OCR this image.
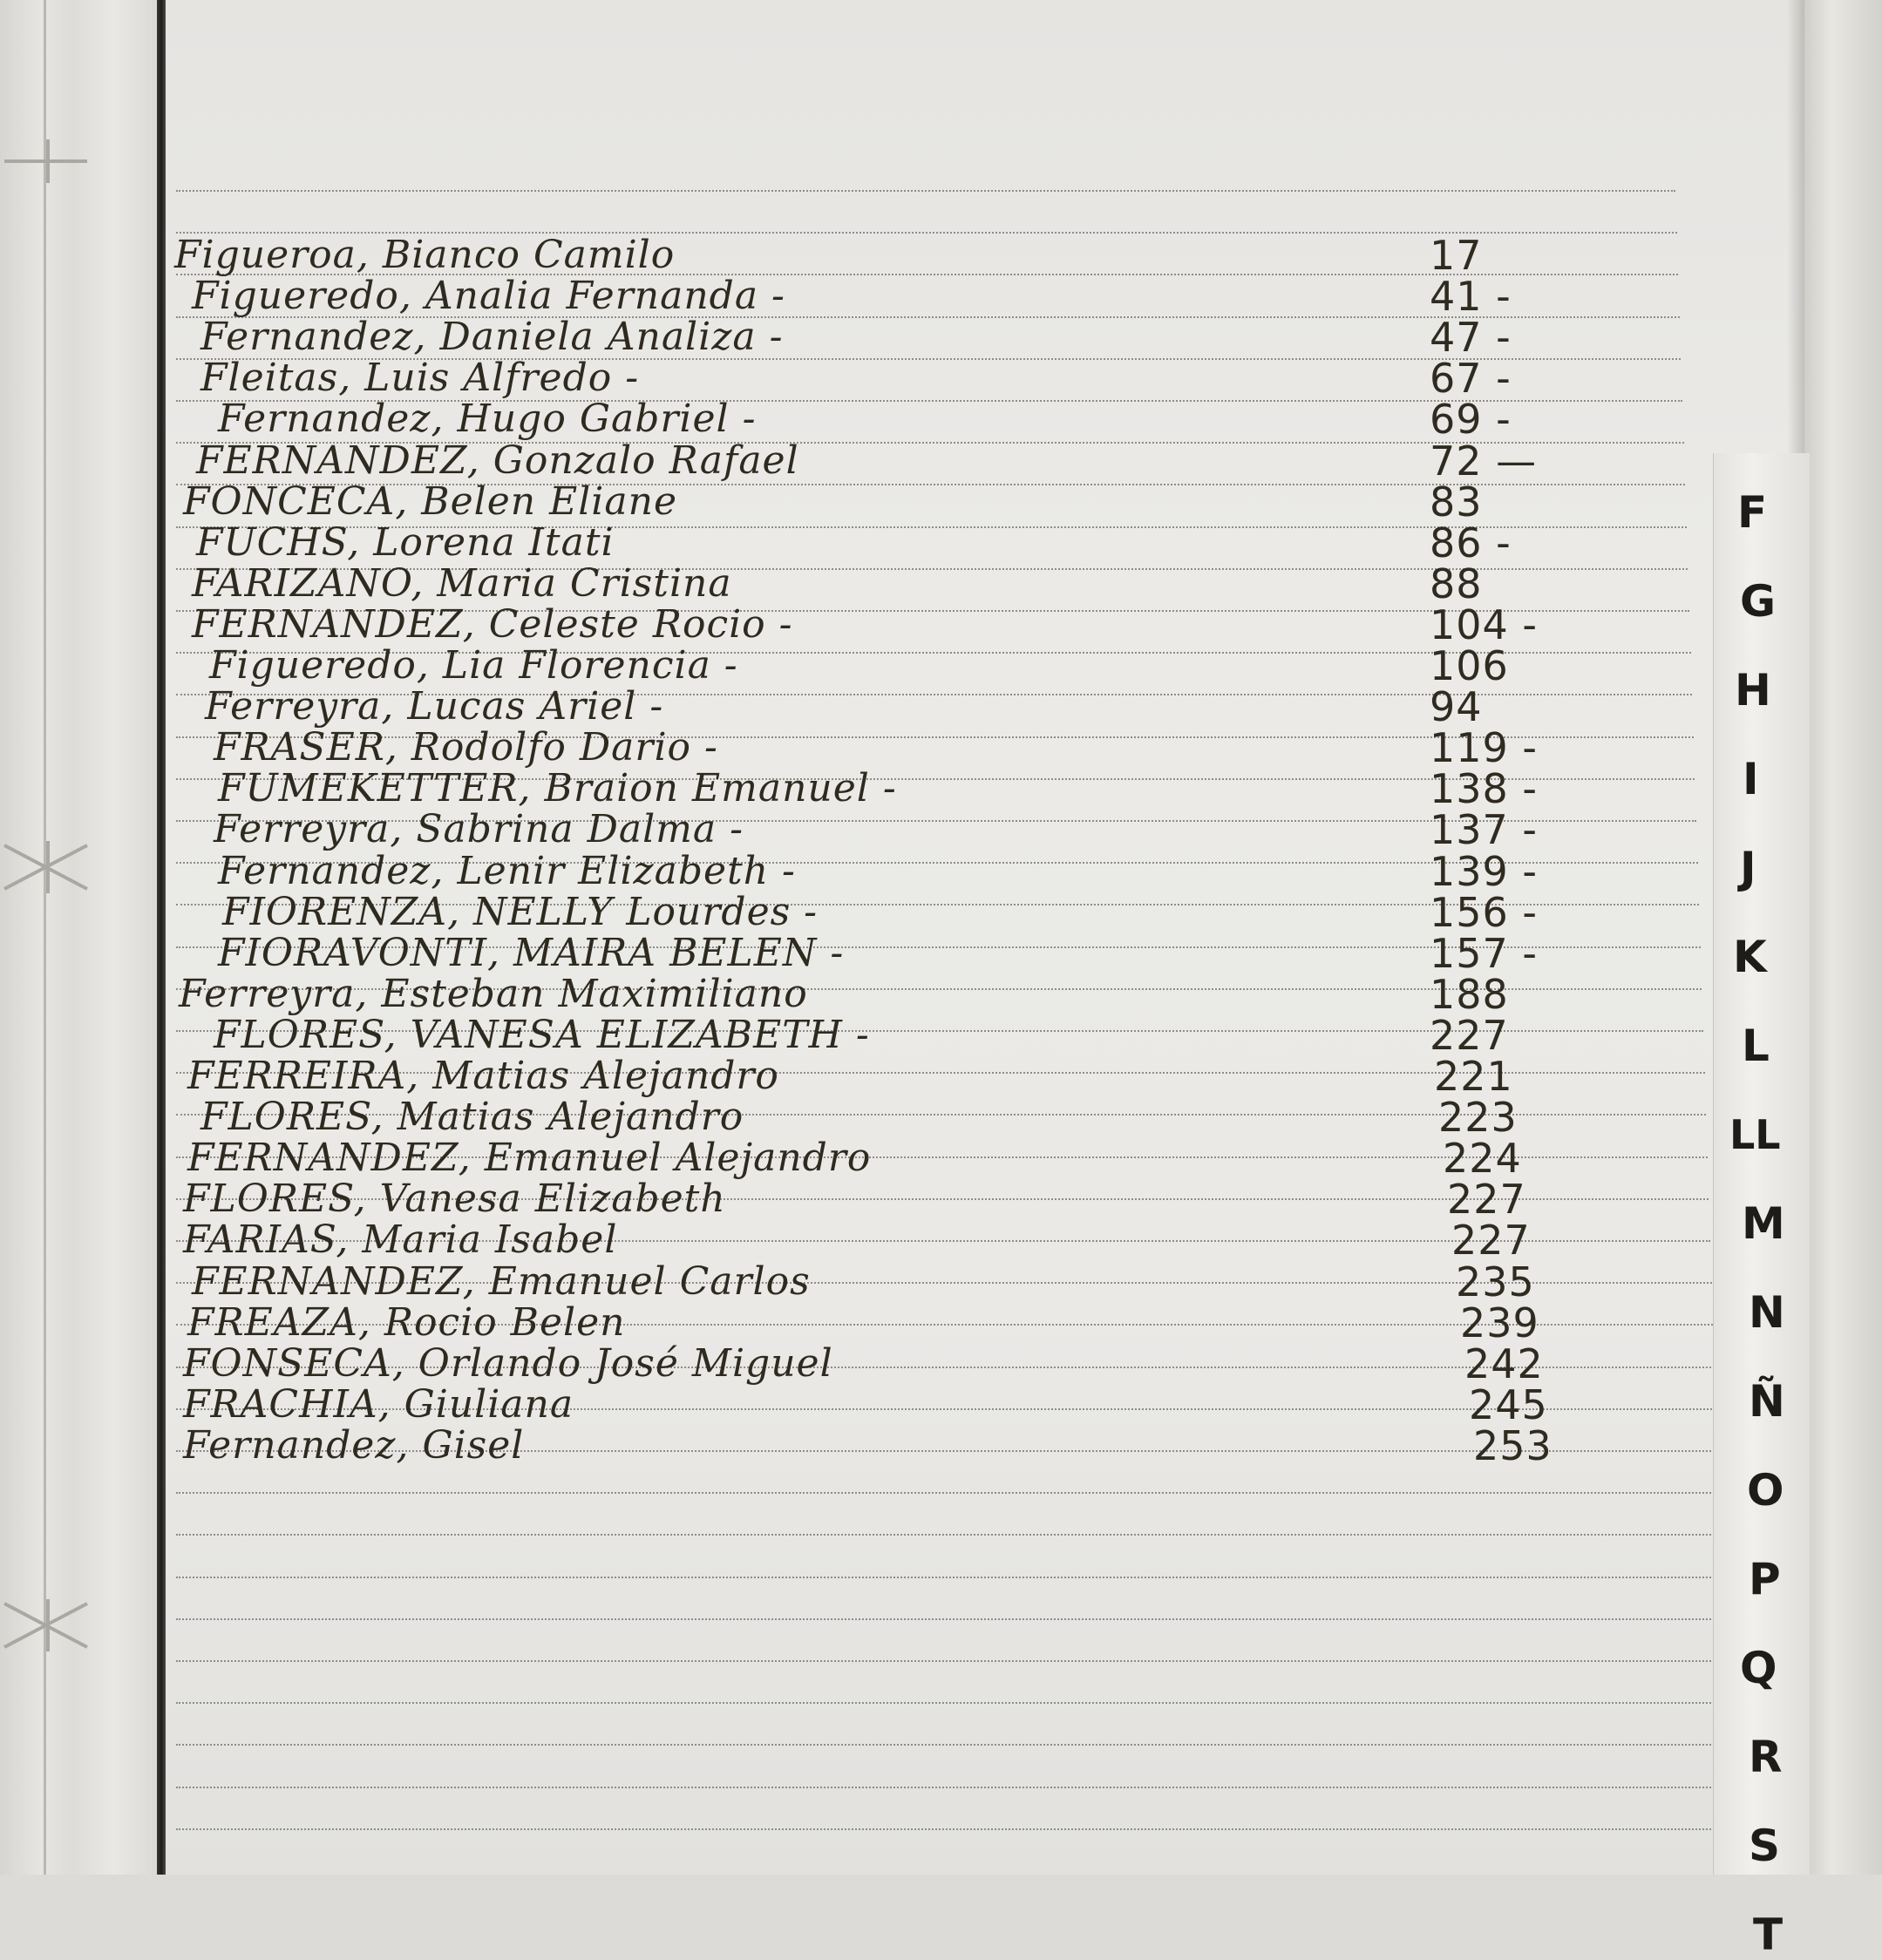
Figueroa, Bianco Camilo	17
Figueredo, Analia Fernanda -	41 -
Fernandez, Daniela Analiza -	47 -
Fleitas, Luis Alfredo -	67 -
Fernandez, Hugo Gabriel -	69 -
FERNANDEZ, Gonzalo Rafael	72 —
FONCECA, Belen Eliane	83
FUCHS, Lorena Itati	86 -
FARIZANO, Maria Cristina	88
FERNANDEZ, Celeste Rocio -	104 -
Figueredo, Lia Florencia -	106
Ferreyra, Lucas Ariel -	94
FRASER, Rodolfo Dario -	119 -
FUMEKETTER, Braion Emanuel -	138 -
Ferreyra, Sabrina Dalma -	137 -
Fernandez, Lenir Elizabeth -	139 -
FIORENZA, NELLY Lourdes -	156 -
FIORAVONTI, MAIRA BELEN -	157 -
Ferreyra, Esteban Maximiliano	188
FLORES, VANESA ELIZABETH -	227
FERREIRA, Matias Alejandro	221
FLORES, Matias Alejandro	223
FERNANDEZ, Emanuel Alejandro	224
FLORES, Vanesa Elizabeth	227
FARIAS, Maria Isabel	227
FERNANDEZ, Emanuel Carlos	235
FREAZA, Rocio Belen	239
FONSECA, Orlando José Miguel	242
FRACHIA, Giuliana	245
Fernandez, Gisel	253
F
G
H
I
J
K
L
LL
M
N
Ñ
O
P
Q
R
S
T
